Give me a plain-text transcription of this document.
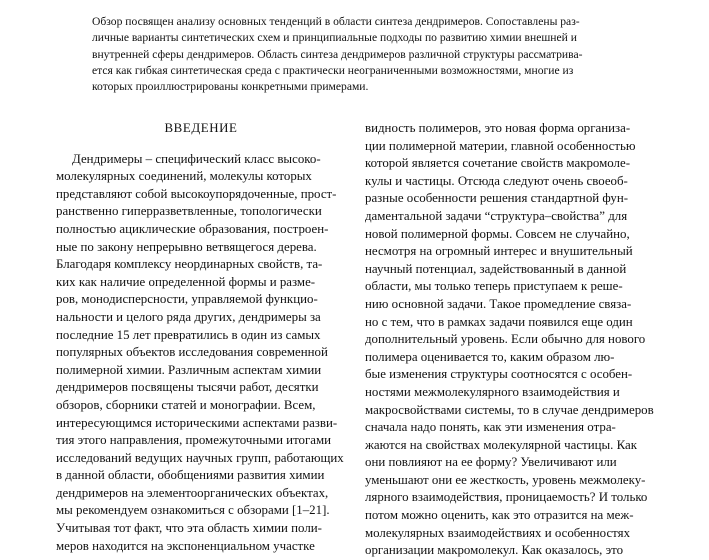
Обзор посвящен анализу основных тенденций в области синтеза дендримеров. Сопоставлены раз-
личные варианты синтетических схем и принципиальные подходы по развитию химии внешней и
внутренней сферы дендримеров. Область синтеза дендримеров различной структуры рассматрива-
ется как гибкая синтетическая среда с практически неограниченными возможностями, многие из
которых проиллюстрированы конкретными примерами.
ВВЕДЕНИЕ
Дендримеры – специфический класс высоко-
молекулярных соединений, молекулы которых
представляют собой высокоупорядоченные, прост-
ранственно гиперразветвленные, топологически
полностью ациклические образования, построен-
ные по закону непрерывно ветвящегося дерева.
Благодаря комплексу неординарных свойств, та-
ких как наличие определенной формы и разме-
ров, монодисперсности, управляемой функцио-
нальности и целого ряда других, дендримеры за
последние 15 лет превратились в один из самых
популярных объектов исследования современной
полимерной химии. Различным аспектам химии
дендримеров посвящены тысячи работ, десятки
обзоров, сборники статей и монографии. Всем,
интересующимся историческими аспектами разви-
тия этого направления, промежуточными итогами
исследований ведущих научных групп, работающих
в данной области, обобщениями развития химии
дендримеров на элементоорганических объектах,
мы рекомендуем ознакомиться с обзорами [1–21].
Учитывая тот факт, что эта область химии поли-
меров находится на экспоненциальном участке
видность полимеров, это новая форма организа-
ции полимерной материи, главной особенностью
которой является сочетание свойств макромоле-
кулы и частицы. Отсюда следуют очень своеоб-
разные особенности решения стандартной фун-
даментальной задачи “структура–свойства” для
новой полимерной формы. Совсем не случайно,
несмотря на огромный интерес и внушительный
научный потенциал, задействованный в данной
области, мы только теперь приступаем к реше-
нию основной задачи. Такое промедление связа-
но с тем, что в рамках задачи появился еще один
дополнительный уровень. Если обычно для нового
полимера оценивается то, каким образом лю-
бые изменения структуры соотносятся с особен-
ностями межмолекулярного взаимодействия и
макросвойствами системы, то в случае дендримеров
сначала надо понять, как эти изменения отра-
жаются на свойствах молекулярной частицы. Как
они повлияют на ее форму? Увеличивают или
уменьшают они ее жесткость, уровень межмолеку-
лярного взаимодействия, проницаемость? И только
потом можно оценить, как это отразится на меж-
молекулярных взаимодействиях и особенностях
организации макромолекул. Как оказалось, это
